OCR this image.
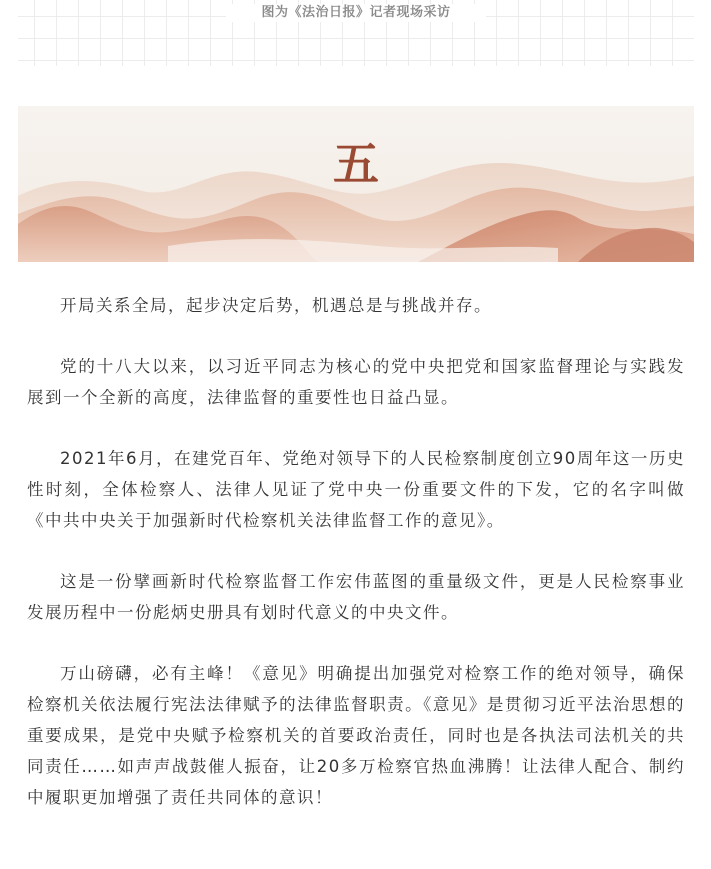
图为《法治日报》记者现场采访
五

开局关系全局，起步决定后势，机遇总是与挑战并存。

党的十八大以来，以习近平同志为核心的党中央把党和国家监督理论与实践发展到一个全新的高度，法律监督的重要性也日益凸显。

2021年6月，在建党百年、党绝对领导下的人民检察制度创立90周年这一历史性时刻，全体检察人、法律人见证了党中央一份重要文件的下发，它的名字叫做《中共中央关于加强新时代检察机关法律监督工作的意见》。

这是一份擘画新时代检察监督工作宏伟蓝图的重量级文件，更是人民检察事业发展历程中一份彪炳史册具有划时代意义的中央文件。

万山磅礴，必有主峰！《意见》明确提出加强党对检察工作的绝对领导，确保检察机关依法履行宪法法律赋予的法律监督职责。《意见》是贯彻习近平法治思想的重要成果，是党中央赋予检察机关的首要政治责任，同时也是各执法司法机关的共同责任……如声声战鼓催人振奋，让20多万检察官热血沸腾！让法律人配合、制约中履职更加增强了责任共同体的意识！
